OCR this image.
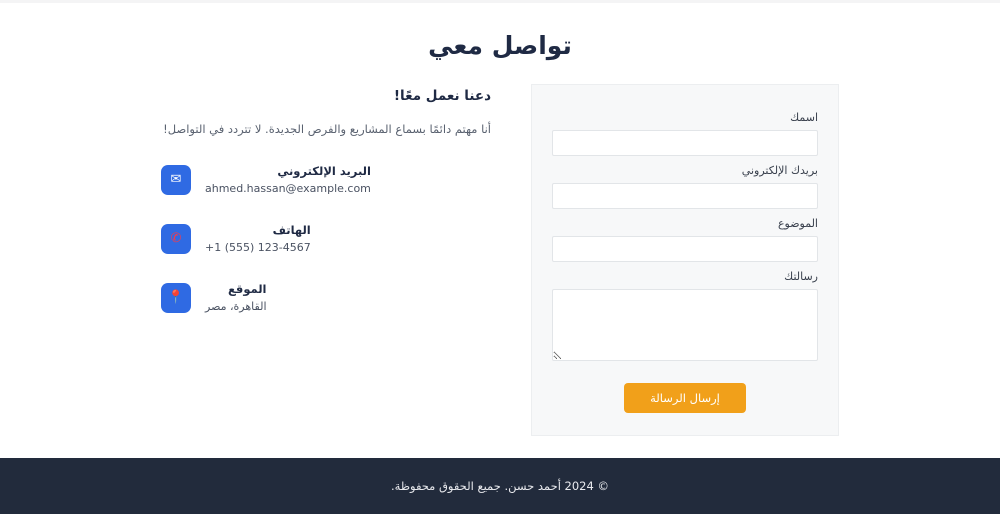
تواصل معي
دعنا نعمل معًا!
أنا مهتم دائمًا بسماع المشاريع والفرص الجديدة. لا تتردد في التواصل!
✉
البريد الإلكتروني
ahmed.hassan@example.com
✆
الهاتف
+1 (555) 123-4567
📍
الموقع
القاهرة، مصر
اسمك
بريدك الإلكتروني
الموضوع
رسالتك
إرسال الرسالة
© 2024 أحمد حسن. جميع الحقوق محفوظة.
